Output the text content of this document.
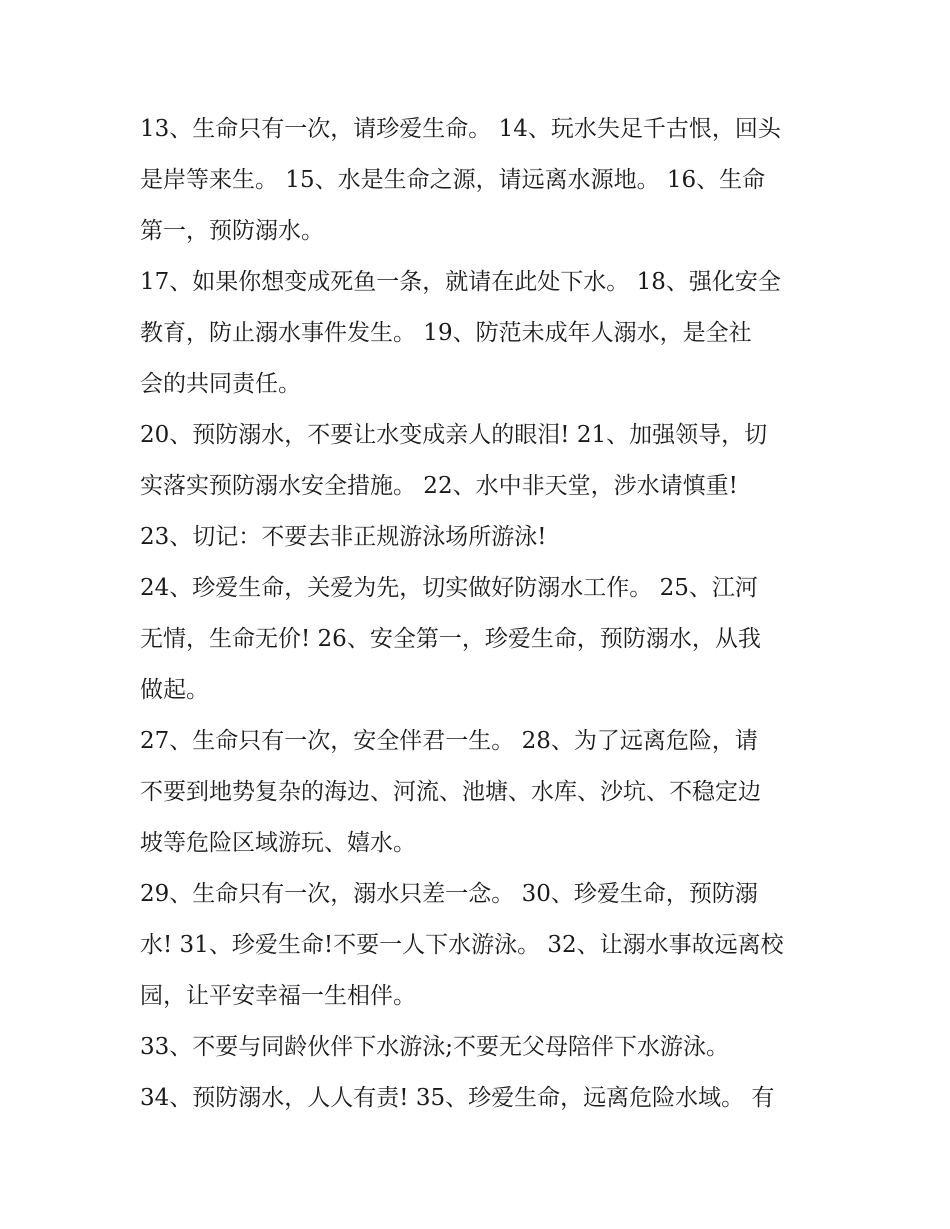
13、生命只有一次，请珍爱生命。 14、玩水失足千古恨，回头
是岸等来生。 15、水是生命之源，请远离水源地。 16、生命
第一，预防溺水。

17、如果你想变成死鱼一条，就请在此处下水。 18、强化安全
教育，防止溺水事件发生。 19、防范未成年人溺水，是全社
会的共同责任。

20、预防溺水，不要让水变成亲人的眼泪! 21、加强领导，切
实落实预防溺水安全措施。 22、水中非天堂，涉水请慎重!

23、切记：不要去非正规游泳场所游泳!

24、珍爱生命，关爱为先，切实做好防溺水工作。 25、江河
无情，生命无价! 26、安全第一，珍爱生命，预防溺水，从我
做起。

27、生命只有一次，安全伴君一生。 28、为了远离危险，请
不要到地势复杂的海边、河流、池塘、水库、沙坑、不稳定边
坡等危险区域游玩、嬉水。

29、生命只有一次，溺水只差一念。 30、珍爱生命，预防溺
水! 31、珍爱生命!不要一人下水游泳。 32、让溺水事故远离校
园，让平安幸福一生相伴。

33、不要与同龄伙伴下水游泳;不要无父母陪伴下水游泳。

34、预防溺水，人人有责! 35、珍爱生命，远离危险水域。 有
